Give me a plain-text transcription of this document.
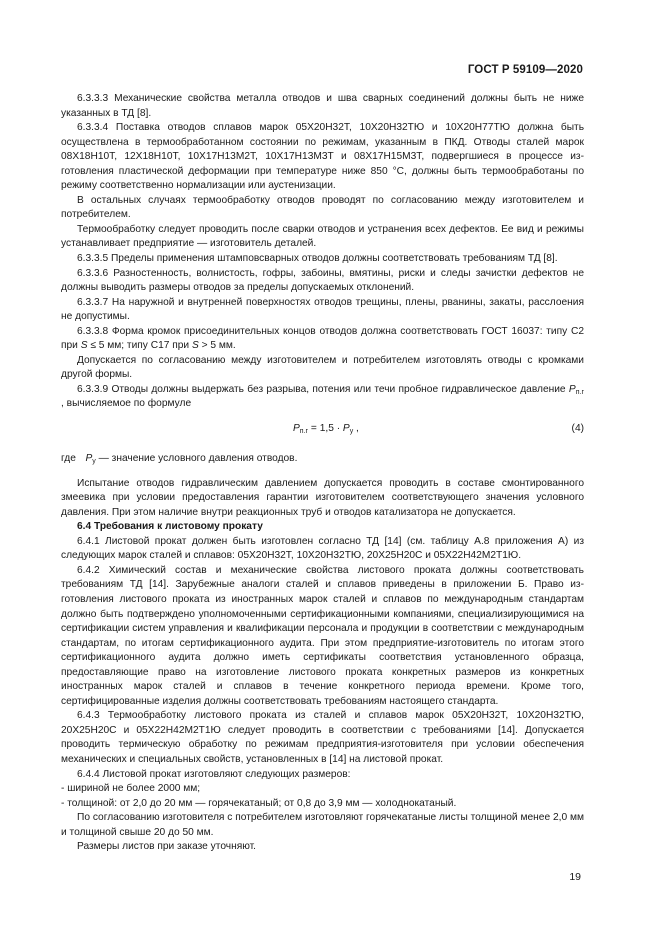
ГОСТ Р 59109—2020

6.3.3.3 Механические свойства металла отводов и шва сварных соединений должны быть не ниже указанных в ТД [8].

6.3.3.4 Поставка отводов сплавов марок 05Х20Н32Т, 10Х20Н32ТЮ и 10Х20Н77ТЮ должна быть осуществлена в термообработанном состоянии по режимам, указанным в ПКД. Отводы сталей марок 08Х18Н10Т, 12Х18Н10Т, 10Х17Н13М2Т, 10Х17Н13М3Т и 08Х17Н15М3Т, подвергшиеся в процессе изготовления пластической деформации при температуре ниже 850 °С, должны быть термообработаны по режиму соответственно нормализации или аустенизации.

В остальных случаях термообработку отводов проводят по согласованию между изготовителем и потребителем.

Термообработку следует проводить после сварки отводов и устранения всех дефектов. Ее вид и режимы устанавливает предприятие — изготовитель деталей.

6.3.3.5 Пределы применения штамповсварных отводов должны соответствовать требованиям ТД [8].

6.3.3.6 Разностенность, волнистость, гофры, забоины, вмятины, риски и следы зачистки дефектов не должны выводить размеры отводов за пределы допускаемых отклонений.

6.3.3.7 На наружной и внутренней поверхностях отводов трещины, плены, рванины, закаты, расслоения не допустимы.

6.3.3.8 Форма кромок присоединительных концов отводов должна соответствовать ГОСТ 16037: типу С2 при S ≤ 5 мм; типу С17 при S > 5 мм.

Допускается по согласованию между изготовителем и потребителем изготовлять отводы с кромками другой формы.

6.3.3.9 Отводы должны выдержать без разрыва, потения или течи пробное гидравлическое давление $P_{п.г}$ , вычисляемое по формуле

$P_{п.г} = 1,5 \cdot P_у$ ,	(4)

где $P_у$ — значение условного давления отводов.

Испытание отводов гидравлическим давлением допускается проводить в составе смонтированного змеевика при условии предоставления гарантии изготовителем соответствующего значения условного давления. При этом наличие внутри реакционных труб и отводов катализатора не допускается.

6.4 Требования к листовому прокату

6.4.1 Листовой прокат должен быть изготовлен согласно ТД [14] (см. таблицу А.8 приложения А) из следующих марок сталей и сплавов: 05Х20Н32Т, 10Х20Н32ТЮ, 20Х25Н20С и 05Х22Н42М2Т1Ю.

6.4.2 Химический состав и механические свойства листового проката должны соответствовать требованиям ТД [14]. Зарубежные аналоги сталей и сплавов приведены в приложении Б. Право изготовления листового проката из иностранных марок сталей и сплавов по международным стандартам должно быть подтверждено уполномоченными сертификационными компаниями, специализирующимися на сертификации систем управления и квалификации персонала и продукции в соответствии с международным стандартам, по итогам сертификационного аудита. При этом предприятие-изготовитель по итогам этого сертификационного аудита должно иметь сертификаты соответствия установленного образца, предоставляющие право на изготовление листового проката конкретных размеров из конкретных иностранных марок сталей и сплавов в течение конкретного периода времени. Кроме того, сертифицированные изделия должны соответствовать требованиям настоящего стандарта.

6.4.3 Термообработку листового проката из сталей и сплавов марок 05Х20Н32Т, 10Х20Н32ТЮ, 20Х25Н20С и 05Х22Н42М2Т1Ю следует проводить в соответствии с требованиями [14]. Допускается проводить термическую обработку по режимам предприятия-изготовителя при условии обеспечения механических и специальных свойств, установленных в [14] на листовой прокат.

6.4.4 Листовой прокат изготовляют следующих размеров:

- шириной не более 2000 мм;

- толщиной: от 2,0 до 20 мм — горячекатаный; от 0,8 до 3,9 мм — холоднокатаный.

По согласованию изготовителя с потребителем изготовляют горячекатаные листы толщиной менее 2,0 мм и толщиной свыше 20 до 50 мм.

Размеры листов при заказе уточняют.

19
